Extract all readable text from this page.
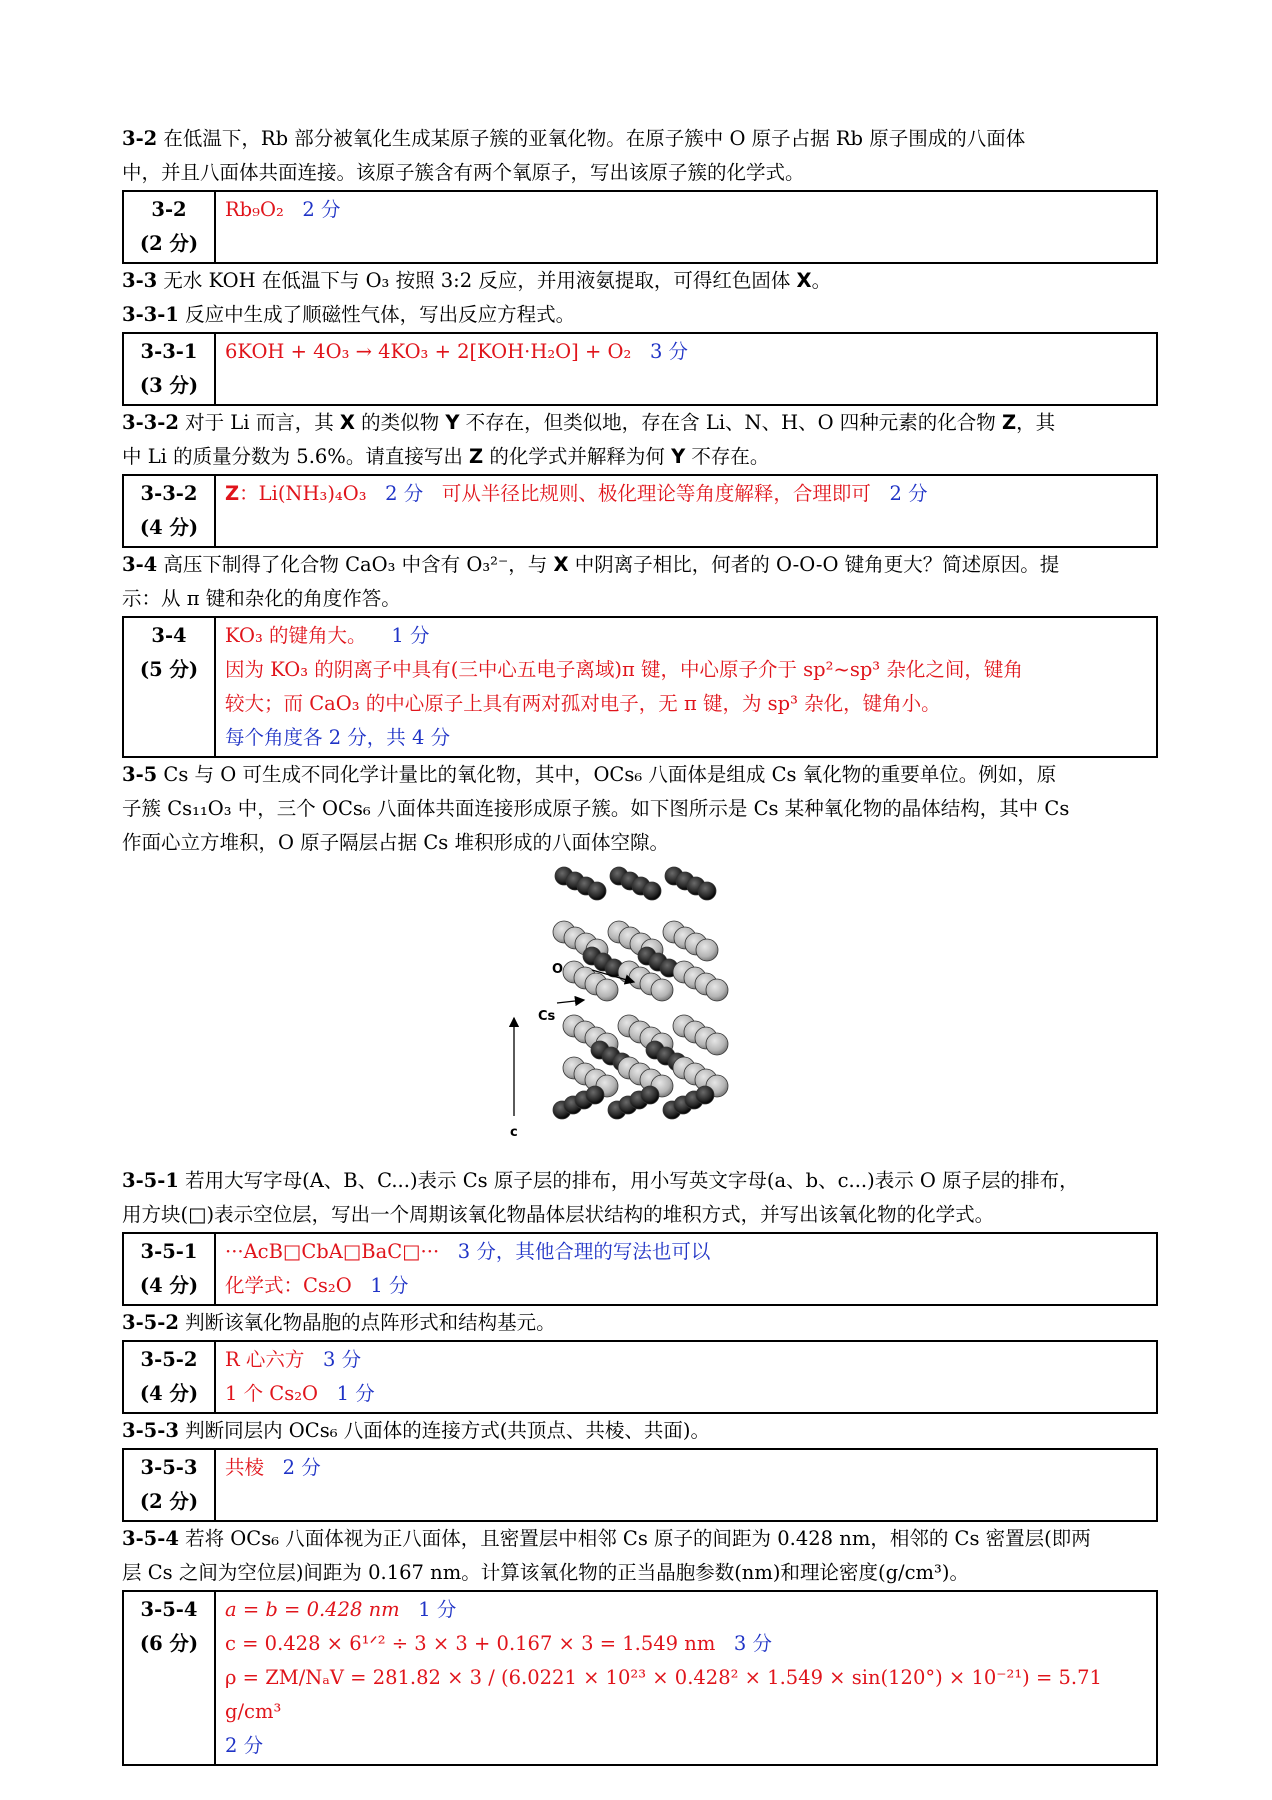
3-2 在低温下，Rb 部分被氧化生成某原子簇的亚氧化物。在原子簇中 O 原子占据 Rb 原子围成的八面体

中，并且八面体共面连接。该原子簇含有两个氧原子，写出该原子簇的化学式。

3-2
(2 分)	Rb₉O₂ 2 分

3-3 无水 KOH 在低温下与 O₃ 按照 3:2 反应，并用液氨提取，可得红色固体 X。

3-3-1 反应中生成了顺磁性气体，写出反应方程式。

3-3-1
(3 分)	6KOH + 4O₃ → 4KO₃ + 2[KOH·H₂O] + O₂ 3 分

3-3-2 对于 Li 而言，其 X 的类似物 Y 不存在，但类似地，存在含 Li、N、H、O 四种元素的化合物 Z，其

中 Li 的质量分数为 5.6%。请直接写出 Z 的化学式并解释为何 Y 不存在。

3-3-2
(4 分)	Z：Li(NH₃)₄O₃ 2 分 可从半径比规则、极化理论等角度解释，合理即可 2 分

3-4 高压下制得了化合物 CaO₃ 中含有 O₃²⁻，与 X 中阴离子相比，何者的 O-O-O 键角更大？简述原因。提

示：从 π 键和杂化的角度作答。

3-4
(5 分)	KO₃ 的键角大。 1 分
因为 KO₃ 的阴离子中具有(三中心五电子离域)π 键，中心原子介于 sp²~sp³ 杂化之间，键角
较大；而 CaO₃ 的中心原子上具有两对孤对电子，无 π 键，为 sp³ 杂化，键角小。
每个角度各 2 分，共 4 分

3-5 Cs 与 O 可生成不同化学计量比的氧化物，其中，OCs₆ 八面体是组成 Cs 氧化物的重要单位。例如，原

子簇 Cs₁₁O₃ 中，三个 OCs₆ 八面体共面连接形成原子簇。如下图所示是 Cs 某种氧化物的晶体结构，其中 Cs

作面心立方堆积，O 原子隔层占据 Cs 堆积形成的八面体空隙。

O
Cs
c

3-5-1 若用大写字母(A、B、C...)表示 Cs 原子层的排布，用小写英文字母(a、b、c...)表示 O 原子层的排布，

用方块(□)表示空位层，写出一个周期该氧化物晶体层状结构的堆积方式，并写出该氧化物的化学式。

3-5-1
(4 分)	···AcB□CbA□BaC□··· 3 分，其他合理的写法也可以
化学式：Cs₂O 1 分

3-5-2 判断该氧化物晶胞的点阵形式和结构基元。

3-5-2
(4 分)	R 心六方 3 分
1 个 Cs₂O 1 分

3-5-3 判断同层内 OCs₆ 八面体的连接方式(共顶点、共棱、共面)。

3-5-3
(2 分)	共棱 2 分

3-5-4 若将 OCs₆ 八面体视为正八面体，且密置层中相邻 Cs 原子的间距为 0.428 nm，相邻的 Cs 密置层(即两

层 Cs 之间为空位层)间距为 0.167 nm。计算该氧化物的正当晶胞参数(nm)和理论密度(g/cm³)。

3-5-4
(6 分)	a = b = 0.428 nm 1 分
c = 0.428 × 6¹ᐟ² ÷ 3 × 3 + 0.167 × 3 = 1.549 nm 3 分
ρ = ZM/NₐV = 281.82 × 3 / (6.0221 × 10²³ × 0.428² × 1.549 × sin(120°) × 10⁻²¹) = 5.71 g/cm³
2 分
